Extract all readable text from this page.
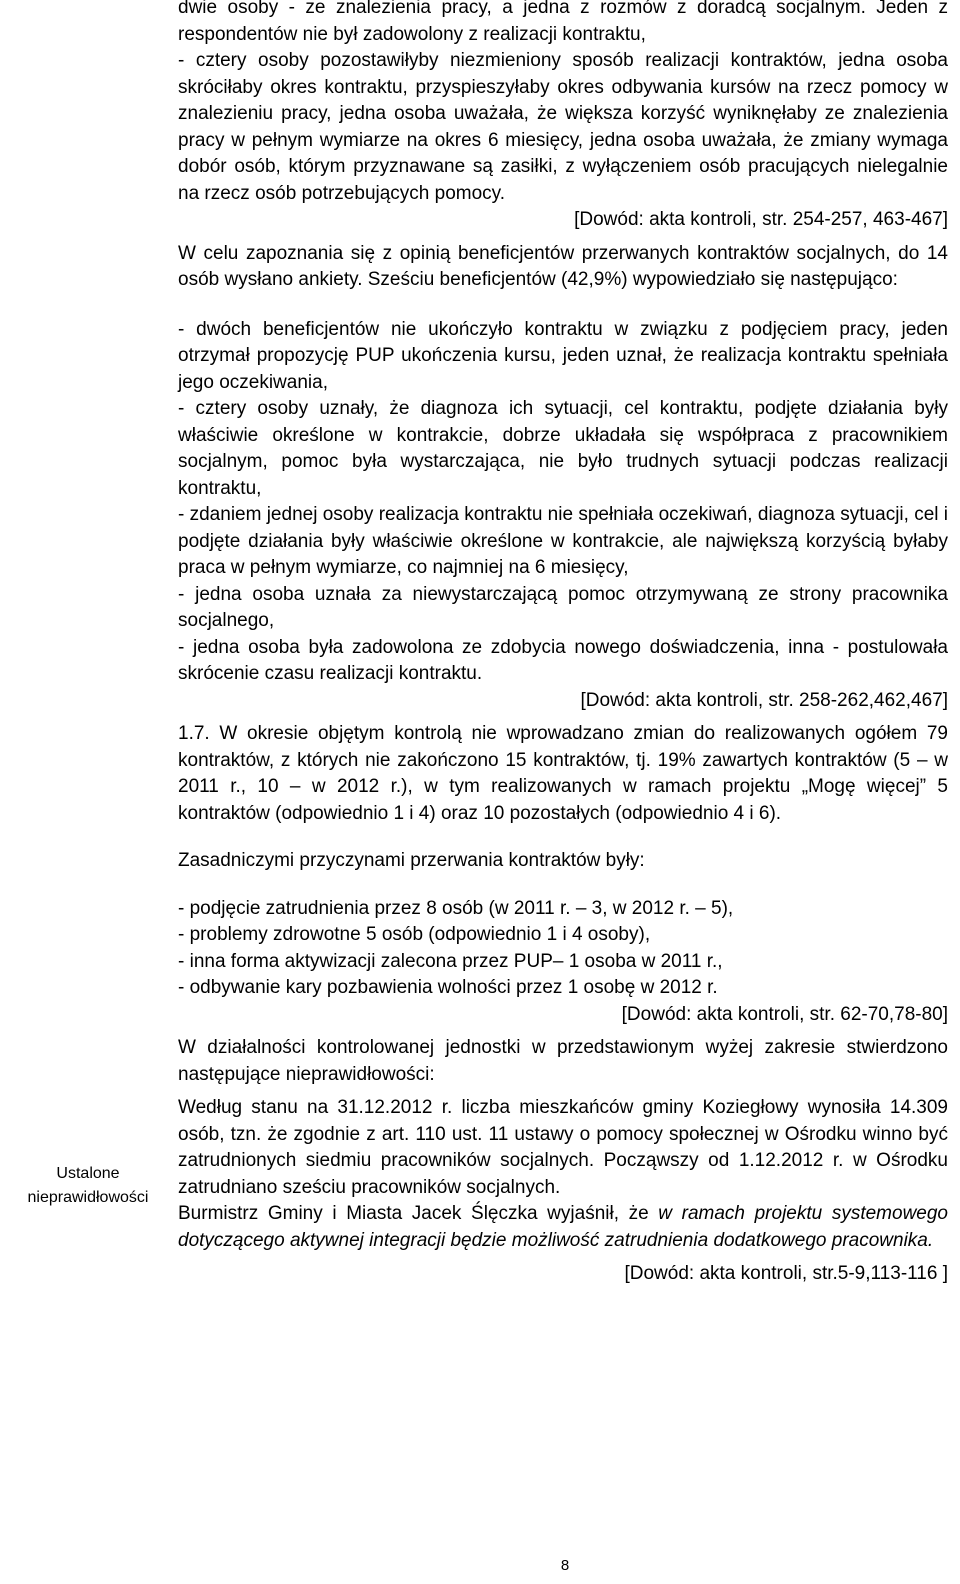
Ustalone
nieprawidłowości

dwie osoby - ze znalezienia pracy, a jedna z rozmów z doradcą socjalnym. Jeden z respondentów nie był zadowolony z realizacji kontraktu,

- cztery osoby pozostawiłyby niezmieniony sposób realizacji kontraktów, jedna osoba skróciłaby okres kontraktu, przyspieszyłaby okres odbywania kursów na rzecz pomocy w znalezieniu pracy, jedna osoba uważała, że większa korzyść wyniknęłaby ze znalezienia pracy w pełnym wymiarze na okres 6 miesięcy, jedna osoba uważała, że zmiany wymaga dobór osób, którym przyznawane są zasiłki, z wyłączeniem osób pracujących nielegalnie na rzecz osób potrzebujących pomocy.

[Dowód: akta kontroli, str. 254-257, 463-467]

W celu zapoznania się z opinią beneficjentów przerwanych kontraktów socjalnych, do 14 osób wysłano ankiety. Sześciu beneficjentów (42,9%) wypowiedziało się następująco:

- dwóch beneficjentów nie ukończyło kontraktu w związku z podjęciem pracy, jeden otrzymał propozycję PUP ukończenia kursu, jeden uznał, że realizacja kontraktu spełniała jego oczekiwania,

- cztery osoby uznały, że diagnoza ich sytuacji, cel kontraktu, podjęte działania były właściwie określone w kontrakcie, dobrze układała się współpraca z pracownikiem socjalnym, pomoc była wystarczająca, nie było trudnych sytuacji podczas realizacji kontraktu,

- zdaniem jednej osoby realizacja kontraktu nie spełniała oczekiwań, diagnoza sytuacji, cel i podjęte działania były właściwie określone w kontrakcie, ale największą korzyścią byłaby praca w pełnym wymiarze, co najmniej na 6 miesięcy,

- jedna osoba uznała za niewystarczającą pomoc otrzymywaną ze strony pracownika socjalnego,

- jedna osoba była zadowolona ze zdobycia nowego doświadczenia, inna - postulowała skrócenie czasu realizacji kontraktu.

[Dowód: akta kontroli, str. 258-262,462,467]

1.7. W okresie objętym kontrolą nie wprowadzano zmian do realizowanych ogółem 79 kontraktów, z których nie zakończono 15 kontraktów, tj. 19% zawartych kontraktów (5 – w 2011 r., 10 – w 2012 r.), w tym realizowanych w ramach projektu „Mogę więcej” 5 kontraktów (odpowiednio 1 i 4) oraz 10 pozostałych (odpowiednio 4 i 6).

Zasadniczymi przyczynami przerwania kontraktów były:

- podjęcie zatrudnienia przez 8 osób (w 2011 r. – 3, w 2012 r. – 5),

- problemy zdrowotne 5 osób (odpowiednio 1 i 4 osoby),

- inna forma aktywizacji zalecona przez PUP– 1 osoba w 2011 r.,

- odbywanie kary pozbawienia wolności przez 1 osobę w 2012 r.

[Dowód: akta kontroli, str. 62-70,78-80]

W działalności kontrolowanej jednostki w przedstawionym wyżej zakresie stwierdzono następujące nieprawidłowości:

Według stanu na 31.12.2012 r. liczba mieszkańców gminy Koziegłowy wynosiła 14.309 osób, tzn. że zgodnie z art. 110 ust. 11 ustawy o pomocy społecznej w Ośrodku winno być zatrudnionych siedmiu pracowników socjalnych. Począwszy od 1.12.2012 r. w Ośrodku zatrudniano sześciu pracowników socjalnych.

Burmistrz Gminy i Miasta Jacek Ślęczka wyjaśnił, że w ramach projektu systemowego dotyczącego aktywnej integracji będzie możliwość zatrudnienia dodatkowego pracownika.

[Dowód: akta kontroli, str.5-9,113-116 ]

8
